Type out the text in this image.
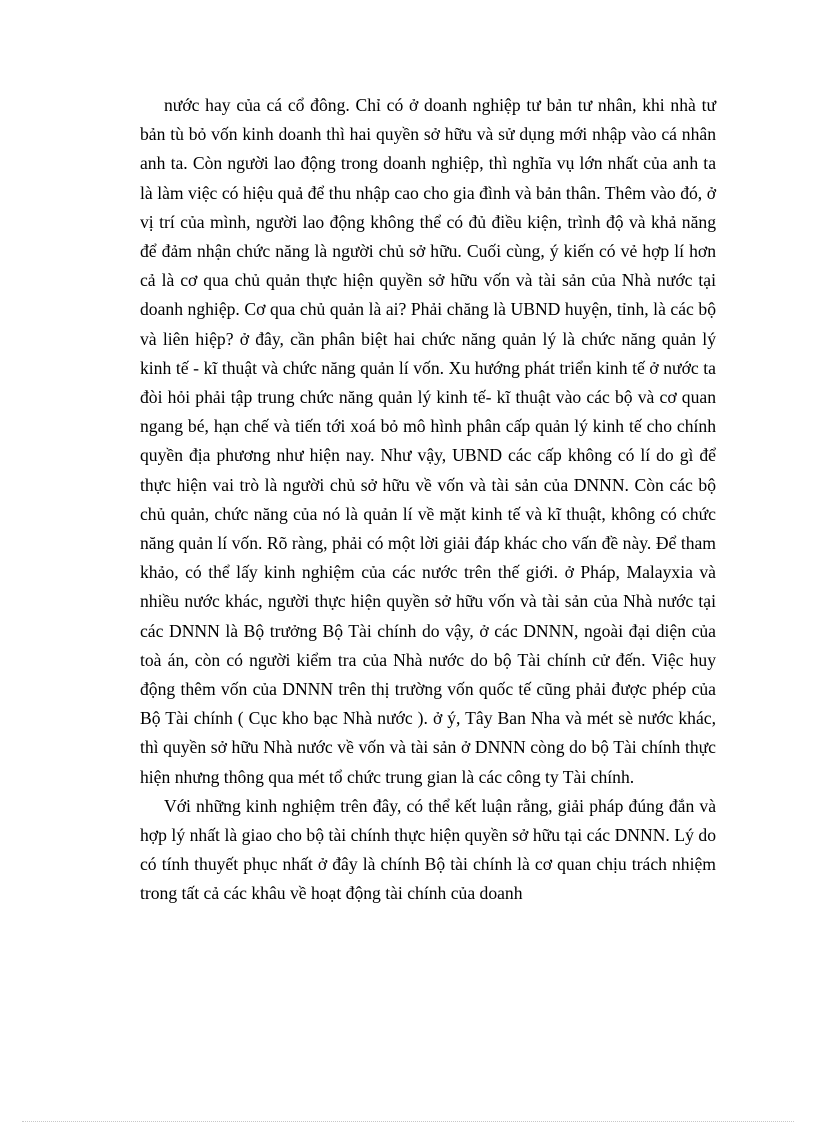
nước hay của cá cổ đông. Chỉ có ở doanh nghiệp tư bản tư nhân, khi nhà tư bản tù bỏ vốn kinh doanh thì hai quyền sở hữu và sử dụng mới nhập vào cá nhân anh ta. Còn người lao động trong doanh nghiệp, thì nghĩa vụ lớn nhất của anh ta là làm việc có hiệu quả để thu nhập cao cho gia đình và bản thân. Thêm vào đó, ở vị trí của mình, người lao động không thể có đủ điều kiện, trình độ và khả năng để đảm nhận chức năng là người chủ sở hữu. Cuối cùng, ý kiến có vẻ hợp lí hơn cả là cơ qua chủ quản thực hiện quyền sở hữu vốn và tài sản của Nhà nước tại doanh nghiệp. Cơ qua chủ quản là ai? Phải chăng là UBND huyện, tỉnh, là các bộ và liên hiệp? ở đây, cần phân biệt hai chức năng quản lý là chức năng quản lý kinh tế - kĩ thuật và chức năng quản lí vốn. Xu hướng phát triển kinh tế ở nước ta đòi hỏi phải tập trung chức năng quản lý kinh tế- kĩ thuật vào các bộ và cơ quan ngang bé, hạn chế và tiến tới xoá bỏ mô hình phân cấp quản lý kinh tế cho chính quyền địa phương như hiện nay. Như vậy, UBND các cấp không có lí do gì để thực hiện vai trò là người chủ sở hữu về vốn và tài sản của DNNN. Còn các bộ chủ quản, chức năng của nó là quản lí về mặt kinh tế và kĩ thuật, không có chức năng quản lí vốn. Rõ ràng, phải có một lời giải đáp khác cho vấn đề này. Để tham khảo, có thể lấy kinh nghiệm của các nước trên thế giới. ở Pháp, Malayxia và nhiều nước khác, người thực hiện quyền sở hữu vốn và tài sản của Nhà nước tại các DNNN là Bộ trưởng Bộ Tài chính do vậy, ở các DNNN, ngoài đại diện của toà án, còn có người kiểm tra của Nhà nước do bộ Tài chính cử đến. Việc huy động thêm vốn của DNNN trên thị trường vốn quốc tế cũng phải được phép của Bộ Tài chính ( Cục kho bạc Nhà nước ). ở ý, Tây Ban Nha và mét sè nước khác, thì quyền sở hữu Nhà nước về vốn và tài sản ở DNNN còng do bộ Tài chính thực hiện nhưng thông qua mét tổ chức trung gian là các công ty Tài chính.

Với những kinh nghiệm trên đây, có thể kết luận rằng, giải pháp đúng đắn và hợp lý nhất là giao cho bộ tài chính thực hiện quyền sở hữu tại các DNNN. Lý do có tính thuyết phục nhất ở đây là chính Bộ tài chính là cơ quan chịu trách nhiệm trong tất cả các khâu về hoạt động tài chính của doanh
